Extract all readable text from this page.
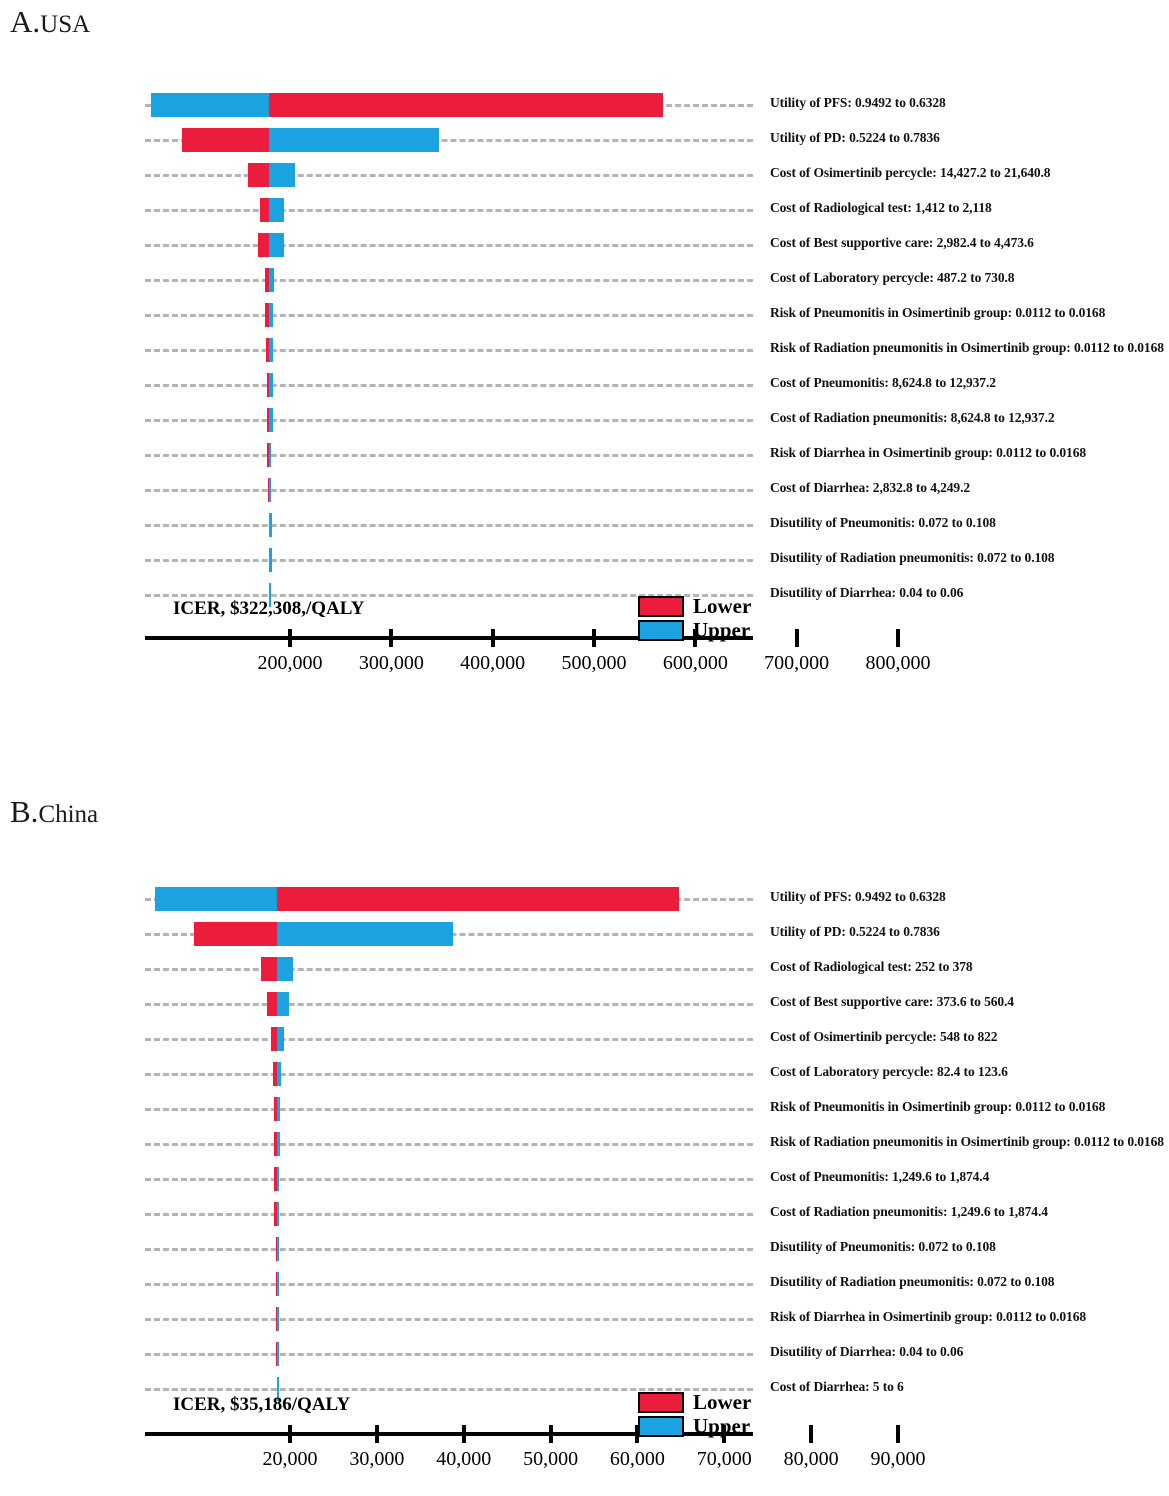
A.USA
Utility of PFS: 0.9492 to 0.6328
Utility of PD: 0.5224 to 0.7836
Cost of Osimertinib percycle: 14,427.2 to 21,640.8
Cost of Radiological test: 1,412 to 2,118
Cost of Best supportive care: 2,982.4 to 4,473.6
Cost of Laboratory percycle: 487.2 to 730.8
Risk of Pneumonitis in Osimertinib group: 0.0112 to 0.0168
Risk of Radiation pneumonitis in Osimertinib group: 0.0112 to 0.0168
Cost of Pneumonitis: 8,624.8 to 12,937.2
Cost of Radiation pneumonitis: 8,624.8 to 12,937.2
Risk of Diarrhea in Osimertinib group: 0.0112 to 0.0168
Cost of Diarrhea: 2,832.8 to 4,249.2
Disutility of Pneumonitis: 0.072 to 0.108
Disutility of Radiation pneumonitis: 0.072 to 0.108
Disutility of Diarrhea: 0.04 to 0.06
200,000 300,000 400,000 500,000 600,000 700,000 800,000
ICER, $322,308,/QALY	Lower
Upper
B.China
Utility of PFS: 0.9492 to 0.6328
Utility of PD: 0.5224 to 0.7836
Cost of Radiological test: 252 to 378
Cost of Best supportive care: 373.6 to 560.4
Cost of Osimertinib percycle: 548 to 822
Cost of Laboratory percycle: 82.4 to 123.6
Risk of Pneumonitis in Osimertinib group: 0.0112 to 0.0168
Risk of Radiation pneumonitis in Osimertinib group: 0.0112 to 0.0168
Cost of Pneumonitis: 1,249.6 to 1,874.4
Cost of Radiation pneumonitis: 1,249.6 to 1,874.4
Disutility of Pneumonitis: 0.072 to 0.108
Disutility of Radiation pneumonitis: 0.072 to 0.108
Risk of Diarrhea in Osimertinib group: 0.0112 to 0.0168
Disutility of Diarrhea: 0.04 to 0.06
Cost of Diarrhea: 5 to 6
20,000 30,000 40,000 50,000 60,000 70,000 80,000 90,000
ICER, $35,186/QALY	Lower
Upper
